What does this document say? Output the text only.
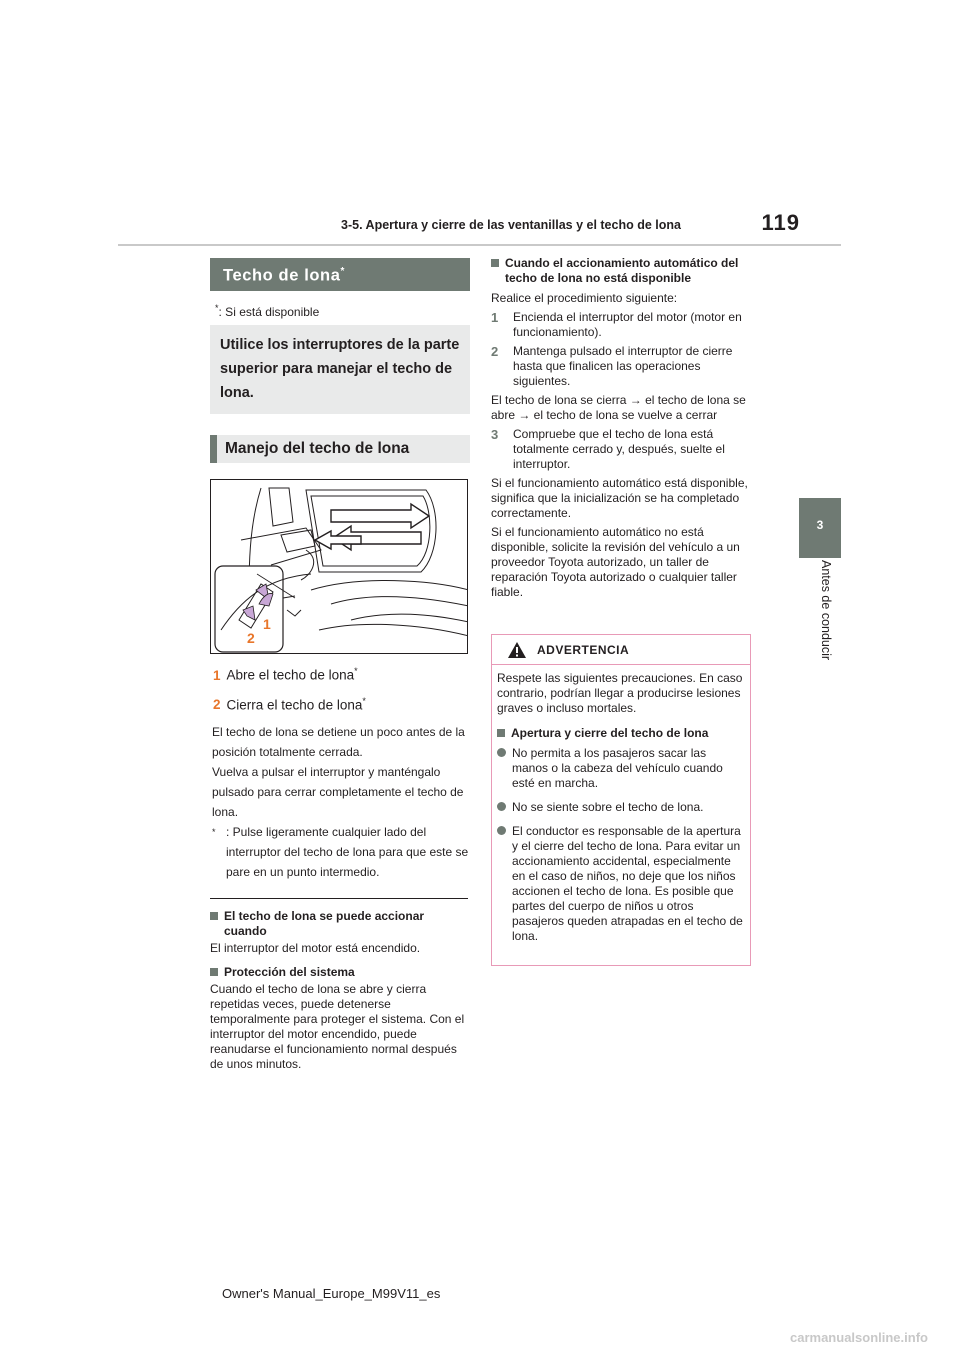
119
3-5. Apertura y cierre de las ventanillas y el techo de lona
3
Antes de conducir
Techo de lona*
*: Si está disponible
Utilice los interruptores de la parte superior para manejar el techo de lona.
Manejo del techo de lona
1
2
1 Abre el techo de lona*
2 Cierra el techo de lona*
El techo de lona se detiene un poco antes de la posición totalmente cerrada.
Vuelva a pulsar el interruptor y manténgalo pulsado para cerrar completamente el techo de lona.
* : Pulse ligeramente cualquier lado del interruptor del techo de lona para que este se pare en un punto intermedio.
El techo de lona se puede accionar cuando
El interruptor del motor está encendido.
Protección del sistema
Cuando el techo de lona se abre y cierra repetidas veces, puede detenerse temporalmente para proteger el sistema. Con el interruptor del motor encendido, puede reanudarse el funcionamiento normal después de unos minutos.
Cuando el accionamiento automático del techo de lona no está disponible
Realice el procedimiento siguiente:
1	Encienda el interruptor del motor (motor en funcionamiento).
2	Mantenga pulsado el interruptor de cierre hasta que finalicen las operaciones siguientes.
El techo de lona se cierra → el techo de lona se abre → el techo de lona se vuelve a cerrar
3	Compruebe que el techo de lona está totalmente cerrado y, después, suelte el interruptor.
Si el funcionamiento automático está disponible, significa que la inicialización se ha completado correctamente.
Si el funcionamiento automático no está disponible, solicite la revisión del vehículo a un proveedor Toyota autorizado, un taller de reparación Toyota autorizado o cualquier taller fiable.
ADVERTENCIA
Respete las siguientes precauciones. En caso contrario, podrían llegar a producirse lesiones graves o incluso mortales.
Apertura y cierre del techo de lona
No permita a los pasajeros sacar las manos o la cabeza del vehículo cuando esté en marcha.
No se siente sobre el techo de lona.
El conductor es responsable de la apertura y el cierre del techo de lona. Para evitar un accionamiento accidental, especialmente en el caso de niños, no deje que los niños accionen el techo de lona. Es posible que partes del cuerpo de niños u otros pasajeros queden atrapadas en el techo de lona.
Owner's Manual_Europe_M99V11_es
carmanualsonline.info
